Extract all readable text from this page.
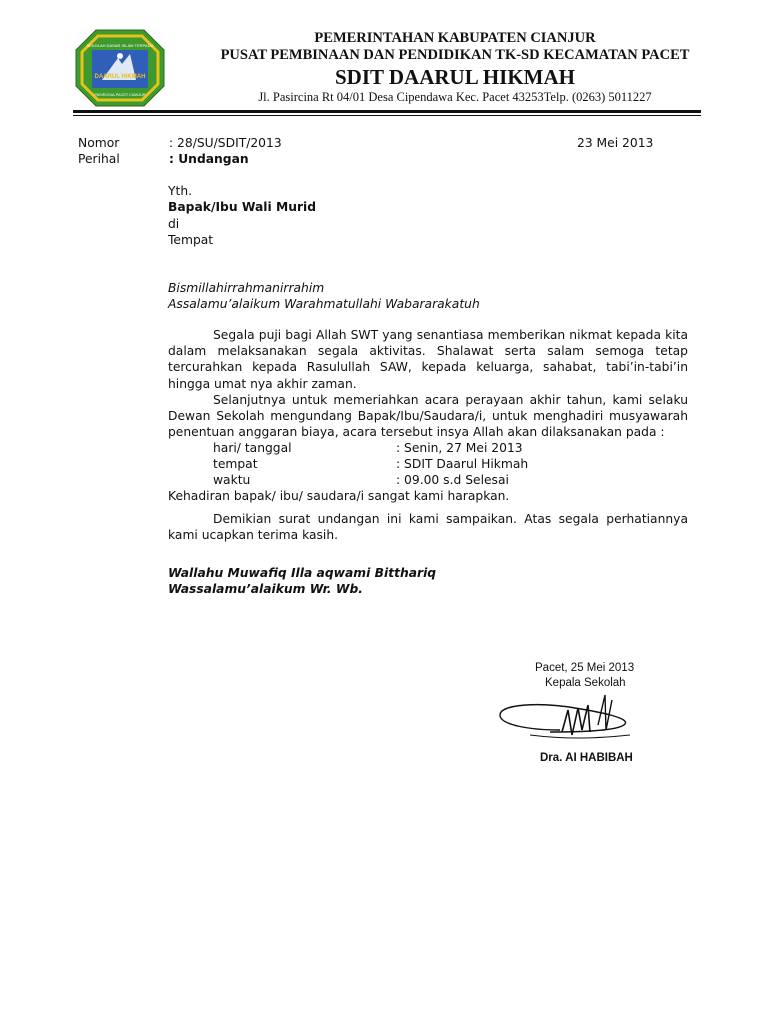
SEKOLAH DASAR ISLAM TERPADU
DAARUL HIKMAH
PASIRCINA-PACET CIANJUR
PEMERINTAHAN KABUPATEN CIANJUR
PUSAT PEMBINAAN DAN PENDIDIKAN TK-SD KECAMATAN PACET
SDIT DAARUL HIKMAH
Jl. Pasircina Rt 04/01 Desa Cipendawa Kec. Pacet 43253Telp. (0263) 5011227
Nomor	: 28/SU/SDIT/2013	23 Mei 2013
Perihal	: Undangan
Yth.
Bapak/Ibu Wali Murid
di
Tempat
Bismillahirrahmanirrahim
Assalamu’alaikum Warahmatullahi Wabararakatuh
Segala puji bagi Allah SWT yang senantiasa memberikan nikmat kepada kita dalam melaksanakan segala aktivitas. Shalawat serta salam semoga tetap tercurahkan kepada Rasulullah SAW, kepada keluarga, sahabat, tabi’in-tabi’in hingga umat nya akhir zaman.
Selanjutnya untuk memeriahkan acara perayaan akhir tahun, kami selaku Dewan Sekolah mengundang Bapak/Ibu/Saudara/i, untuk menghadiri musyawarah penentuan anggaran biaya, acara tersebut insya Allah akan dilaksanakan pada :
hari/ tanggal	: Senin, 27 Mei 2013
tempat	: SDIT Daarul Hikmah
waktu	: 09.00 s.d Selesai
Kehadiran bapak/ ibu/ saudara/i sangat kami harapkan.
Demikian surat undangan ini kami sampaikan. Atas segala perhatiannya kami ucapkan terima kasih.
Wallahu Muwafiq Illa aqwami Bitthariq
Wassalamu’alaikum Wr. Wb.
Pacet, 25 Mei 2013
Kepala Sekolah
Dra. AI HABIBAH
